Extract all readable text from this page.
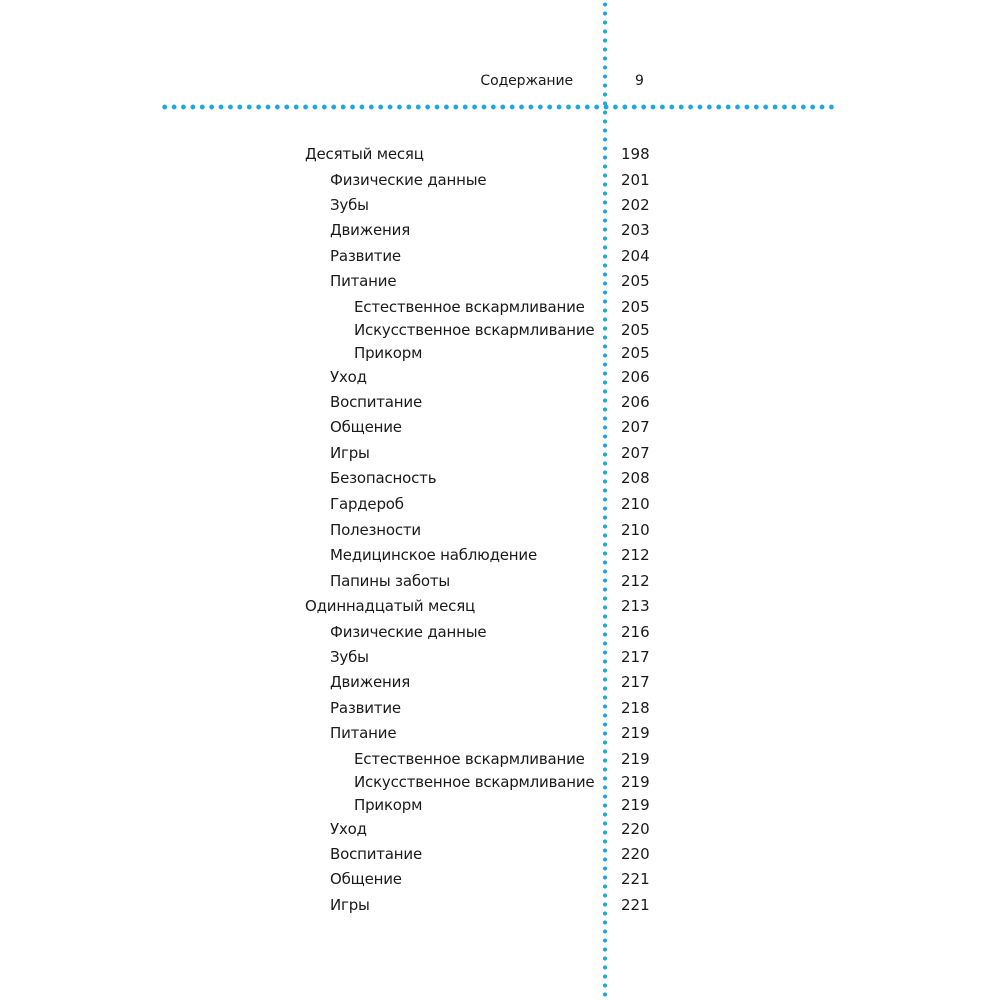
Содержание	9
Десятый месяц	198
Физические данные	201
Зубы	202
Движения	203
Развитие	204
Питание	205
Естественное вскармливание 205
Искусственное вскармливание 205
Прикорм	205
Уход	206
Воспитание	206
Общение	207
Игры	207
Безопасность	208
Гардероб	210
Полезности	210
Медицинское наблюдение	212
Папины заботы	212
Одиннадцатый месяц	213
Физические данные	216
Зубы	217
Движения	217
Развитие	218
Питание	219
Естественное вскармливание 219
Искусственное вскармливание 219
Прикорм	219
Уход	220
Воспитание	220
Общение	221
Игры	221
